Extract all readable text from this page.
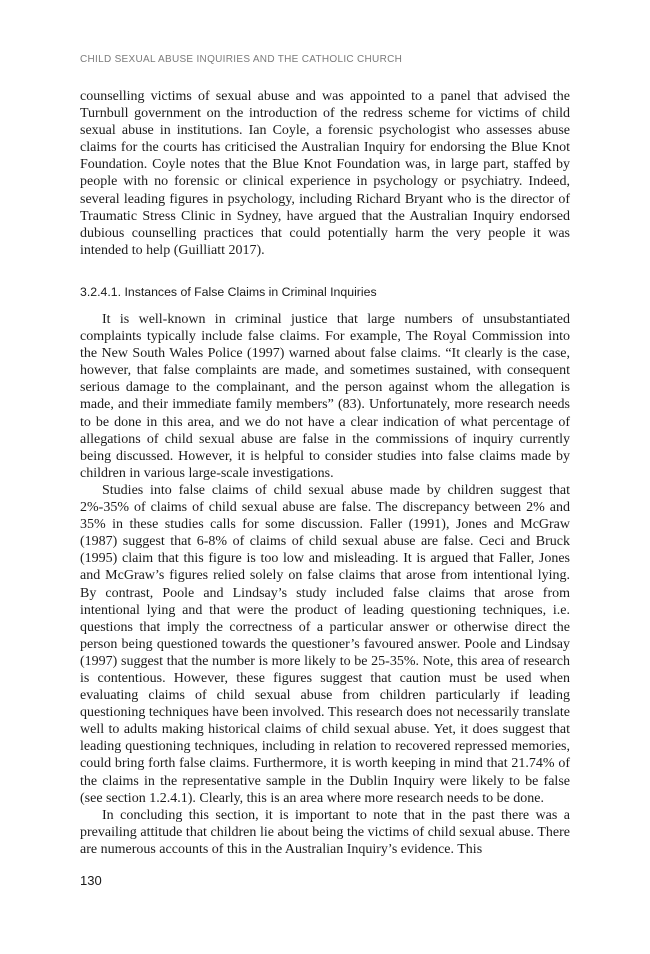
CHILD SEXUAL ABUSE INQUIRIES AND THE CATHOLIC CHURCH

counselling victims of sexual abuse and was appointed to a panel that advised the Turnbull government on the introduction of the redress scheme for victims of child sexual abuse in institutions. Ian Coyle, a forensic psychologist who assesses abuse claims for the courts has criticised the Australian Inquiry for endorsing the Blue Knot Foundation. Coyle notes that the Blue Knot Foundation was, in large part, staffed by people with no forensic or clinical experience in psychology or psychiatry. Indeed, several leading figures in psychology, including Richard Bryant who is the director of Traumatic Stress Clinic in Sydney, have argued that the Australian Inquiry endorsed dubious counselling practices that could potentially harm the very people it was intended to help (Guilliatt 2017).

3.2.4.1. Instances of False Claims in Criminal Inquiries

It is well-known in criminal justice that large numbers of unsubstantiated complaints typically include false claims. For example, The Royal Commission into the New South Wales Police (1997) warned about false claims. “It clearly is the case, however, that false complaints are made, and sometimes sustained, with consequent serious damage to the complainant, and the person against whom the allegation is made, and their immediate family members” (83). Unfortunately, more research needs to be done in this area, and we do not have a clear indication of what percentage of allegations of child sexual abuse are false in the commissions of inquiry currently being discussed. However, it is helpful to consider studies into false claims made by children in various large-scale investigations.

Studies into false claims of child sexual abuse made by children suggest that 2%-35% of claims of child sexual abuse are false. The discrepancy between 2% and 35% in these studies calls for some discussion. Faller (1991), Jones and McGraw (1987) suggest that 6-8% of claims of child sexual abuse are false. Ceci and Bruck (1995) claim that this figure is too low and misleading. It is argued that Faller, Jones and McGraw’s figures relied solely on false claims that arose from intentional lying. By contrast, Poole and Lindsay’s study included false claims that arose from intentional lying and that were the product of leading questioning techniques, i.e. questions that imply the correctness of a particular answer or otherwise direct the person being questioned towards the questioner’s favoured answer. Poole and Lindsay (1997) suggest that the number is more likely to be 25-35%. Note, this area of research is contentious. However, these figures suggest that caution must be used when evaluating claims of child sexual abuse from children particularly if leading questioning techniques have been involved. This research does not necessarily translate well to adults making historical claims of child sexual abuse. Yet, it does suggest that leading questioning techniques, including in relation to recovered repressed memories, could bring forth false claims. Furthermore, it is worth keeping in mind that 21.74% of the claims in the representative sample in the Dublin Inquiry were likely to be false (see section 1.2.4.1). Clearly, this is an area where more research needs to be done.

In concluding this section, it is important to note that in the past there was a prevailing attitude that children lie about being the victims of child sexual abuse. There are numerous accounts of this in the Australian Inquiry’s evidence. This

130
